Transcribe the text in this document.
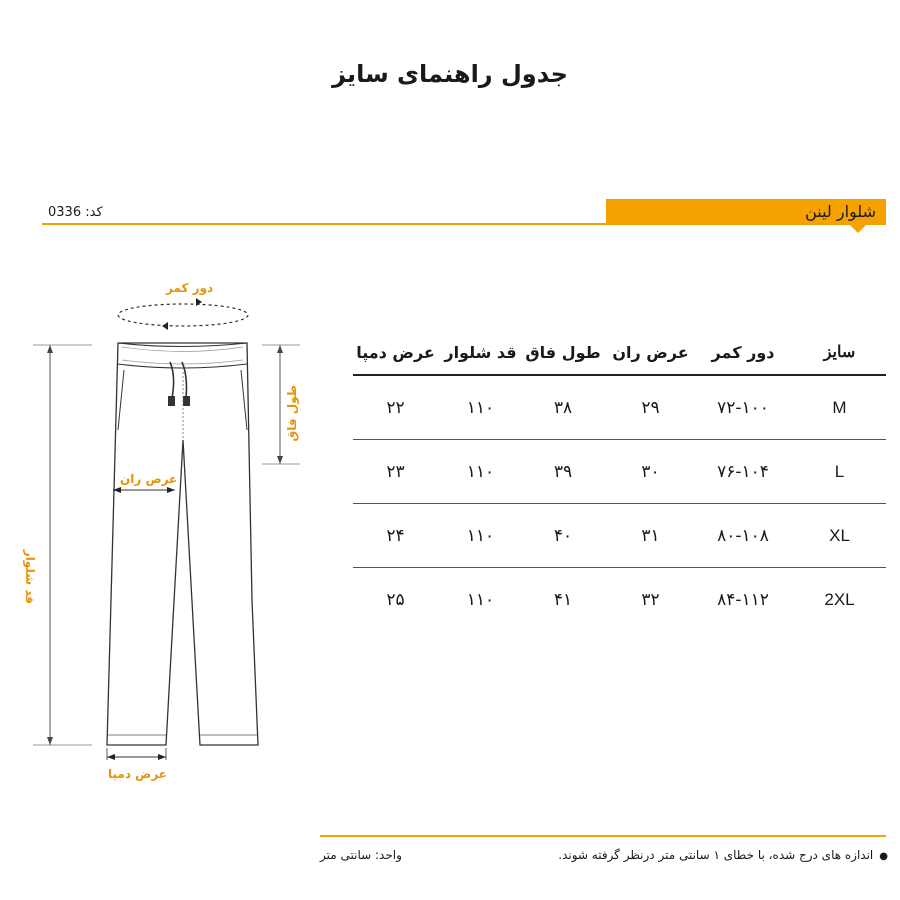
جدول راهنمای سایز
کد: 0336	شلوار لینن
دور کمر
عرض ران
عرض دمپا
طول فاق
قد شلوار
سایز
دور کمر
عرض ران
طول فاق
قد شلوار
عرض دمپا
M
۷۲-۱۰۰
۲۹
۳۸
۱۱۰
۲۲
L
۷۶-۱۰۴
۳۰
۳۹
۱۱۰
۲۳
XL
۸۰-۱۰۸
۳۱
۴۰
۱۱۰
۲۴
2XL
۸۴-۱۱۲
۳۲
۴۱
۱۱۰
۲۵
●اندازه های درج شده، با خطای ۱ سانتی متر درنظر گرفته شوند.
واحد: سانتی متر
